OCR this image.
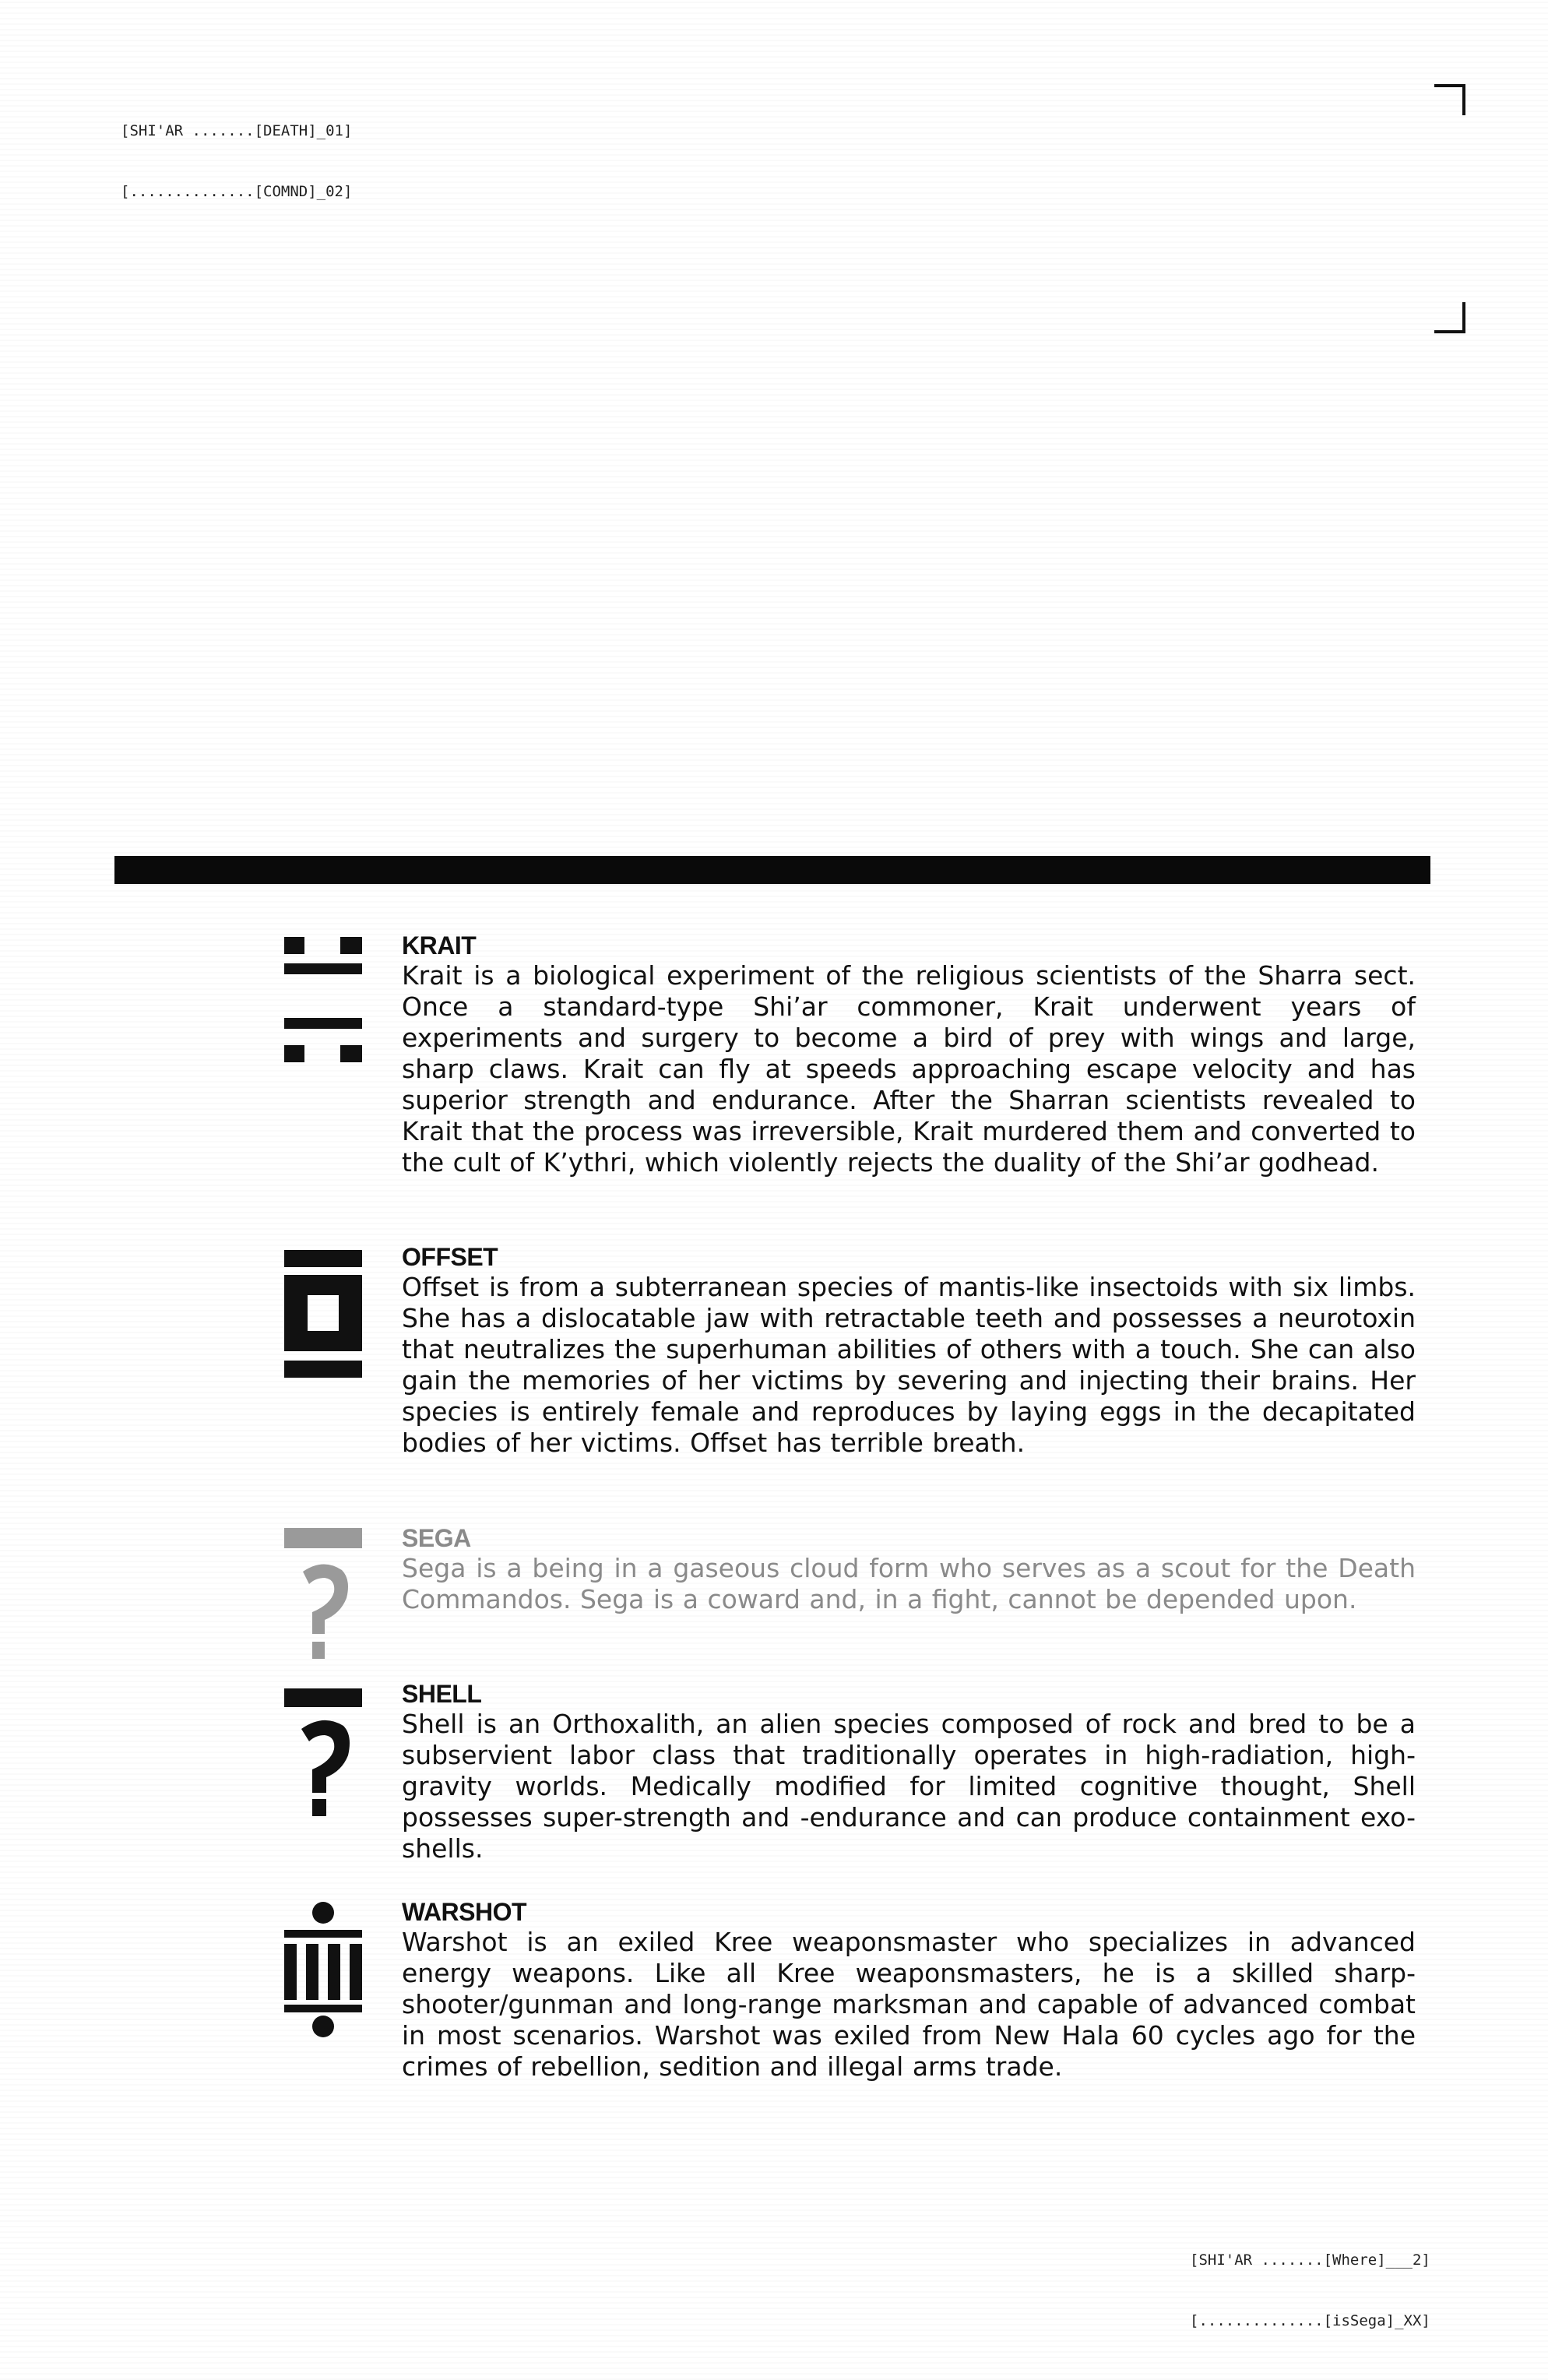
[SHI'AR .......[DEATH]_01]

[..............[COMND]_02]

KRAIT
Krait is a biological experiment of the religious scientists of the Sharra sect. Once a standard-type Shi’ar commoner, Krait underwent years of experiments and surgery to become a bird of prey with wings and large, sharp claws. Krait can fly at speeds approaching escape velocity and has superior strength and endurance. After the Sharran scientists revealed to Krait that the process was irreversible, Krait murdered them and converted to the cult of K’ythri, which violently rejects the duality of the Shi’ar godhead.
OFFSET
Offset is from a subterranean species of mantis-like insectoids with six limbs. She has a dislocatable jaw with retractable teeth and possesses a neurotoxin that neutralizes the superhuman abilities of others with a touch. She can also gain the memories of her victims by severing and injecting their brains. Her species is entirely female and reproduces by laying eggs in the decapitated bodies of her victims. Offset has terrible breath.
SEGA
Sega is a being in a gaseous cloud form who serves as a scout for the Death Commandos. Sega is a coward and, in a fight, cannot be depended upon.
SHELL
Shell is an Orthoxalith, an alien species composed of rock and bred to be a subservient labor class that traditionally operates in high-radiation, high-gravity worlds. Medically modified for limited cognitive thought, Shell possesses super-strength and -endurance and can produce containment exo-shells.
WARSHOT
Warshot is an exiled Kree weaponsmaster who specializes in advanced energy weapons. Like all Kree weaponsmasters, he is a skilled sharp-shooter/gunman and long-range marksman and capable of advanced combat in most scenarios. Warshot was exiled from New Hala 60 cycles ago for the crimes of rebellion, sedition and illegal arms trade.

[SHI'AR .......[Where]___2]

[..............[isSega]_XX]
